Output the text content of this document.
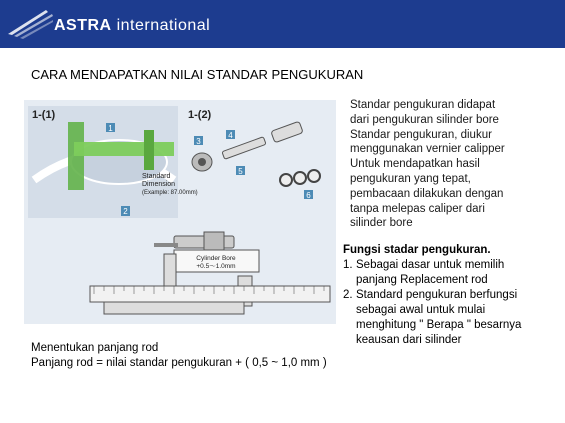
ASTRA international
CARA MENDAPATKAN NILAI STANDAR PENGUKURAN
1
2
1-(1)
Standard
Dimension
(Example: 87.00mm)
1-(2)
3
4
5
6
Cylinder Bore
+0.5～1.0mm
Menentukan panjang rod
Panjang rod = nilai standar pengukuran + ( 0,5 ~ 1,0 mm )
Standar pengukuran didapat
dari pengukuran silinder bore
Standar pengukuran, diukur
menggunakan vernier calipper
Untuk mendapatkan hasil
pengukuran yang tepat,
pembacaan dilakukan dengan
tanpa melepas caliper dari
silinder bore
Fungsi stadar pengukuran.
1. Sebagai dasar untuk memilih
panjang Replacement rod
2. Standard pengukuran berfungsi
sebagai awal untuk mulai
menghitung " Berapa " besarnya
keausan dari silinder
